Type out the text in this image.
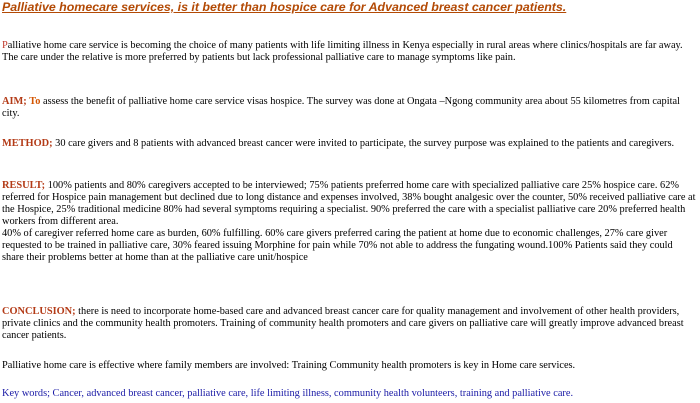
Palliative homecare services, is it better than hospice care for Advanced breast cancer patients.

Palliative home care service is becoming the choice of many patients with life limiting illness in Kenya especially in rural areas where clinics/hospitals are far away.
The care under the relative is more preferred by patients but lack professional palliative care to manage symptoms like pain.

AIM; To assess the benefit of palliative home care service visas hospice. The survey was done at Ongata –Ngong community area about 55 kilometres from capital city.

METHOD; 30 care givers and 8 patients with advanced breast cancer were invited to participate, the survey purpose was explained to the patients and caregivers.

RESULT; 100% patients and 80% caregivers accepted to be interviewed; 75% patients preferred home care with specialized palliative care 25% hospice care. 62% referred for Hospice pain management but declined due to long distance and expenses involved, 38% bought analgesic over the counter, 50% received palliative care at the Hospice, 25% traditional medicine 80% had several symptoms requiring a specialist. 90% preferred the care with a specialist palliative care 20% preferred health workers from different area.
40% of caregiver referred home care as burden, 60% fulfilling. 60% care givers preferred caring the patient at home due to economic challenges, 27% care giver requested to be trained in palliative care, 30% feared issuing Morphine for pain while 70% not able to address the fungating wound.100% Patients said they could share their problems better at home than at the palliative care unit/hospice

CONCLUSION; there is need to incorporate home-based care and advanced breast cancer care for quality management and involvement of other health providers, private clinics and the community health promoters. Training of community health promoters and care givers on palliative care will greatly improve advanced breast cancer patients.

Palliative home care is effective where family members are involved: Training Community health promoters is key in Home care services.

Key words; Cancer, advanced breast cancer, palliative care, life limiting illness, community health volunteers, training and palliative care.
